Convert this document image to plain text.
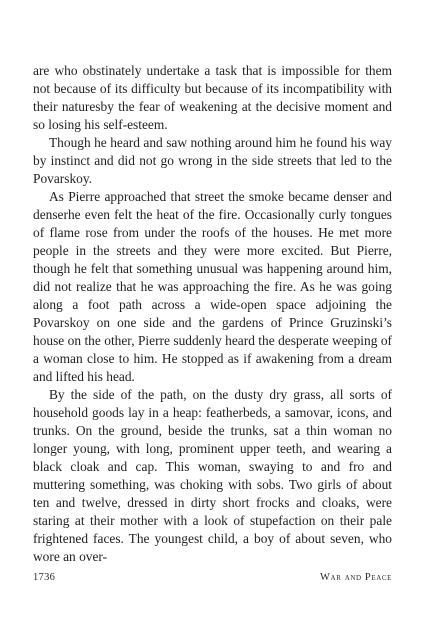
are who obstinately undertake a task that is impossible for them not because of its difficulty but because of its incompatibility with their naturesby the fear of weakening at the decisive moment and so losing his self-esteem.

Though he heard and saw nothing around him he found his way by instinct and did not go wrong in the side streets that led to the Povarskoy.

As Pierre approached that street the smoke became denser and denserhe even felt the heat of the fire. Occasionally curly tongues of flame rose from under the roofs of the houses. He met more people in the streets and they were more excited. But Pierre, though he felt that something unusual was happening around him, did not realize that he was approaching the fire. As he was going along a foot path across a wide-open space adjoining the Povarskoy on one side and the gardens of Prince Gruzinski’s house on the other, Pierre suddenly heard the desperate weeping of a woman close to him. He stopped as if awakening from a dream and lifted his head.

By the side of the path, on the dusty dry grass, all sorts of household goods lay in a heap: featherbeds, a samovar, icons, and trunks. On the ground, beside the trunks, sat a thin woman no longer young, with long, prominent upper teeth, and wearing a black cloak and cap. This woman, swaying to and fro and muttering something, was choking with sobs. Two girls of about ten and twelve, dressed in dirty short frocks and cloaks, were staring at their mother with a look of stupefaction on their pale frightened faces. The youngest child, a boy of about seven, who wore an over-

1736	War and Peace
